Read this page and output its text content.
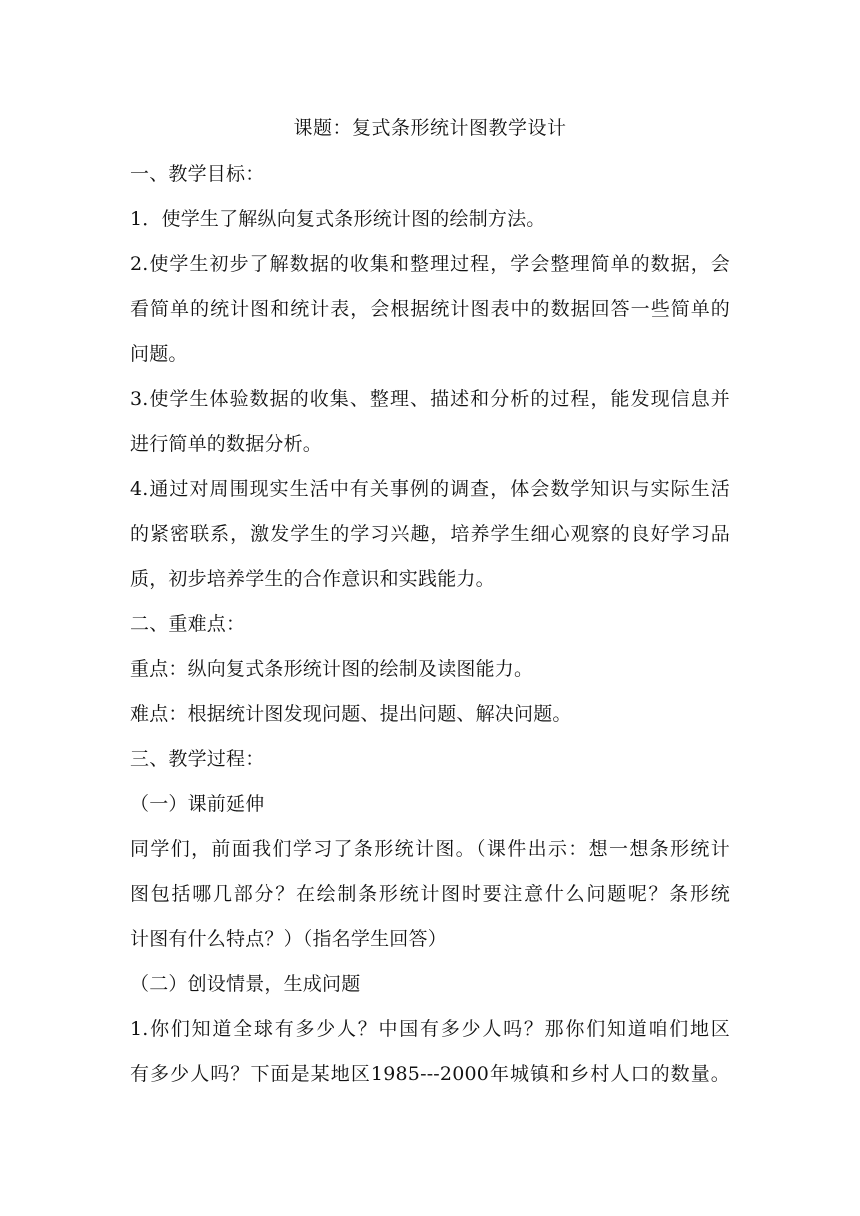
课题：复式条形统计图教学设计
一、教学目标：
1．使学生了解纵向复式条形统计图的绘制方法。
2.使学生初步了解数据的收集和整理过程，学会整理简单的数据，会
看简单的统计图和统计表，会根据统计图表中的数据回答一些简单的
问题。
3.使学生体验数据的收集、整理、描述和分析的过程，能发现信息并
进行简单的数据分析。
4.通过对周围现实生活中有关事例的调查，体会数学知识与实际生活
的紧密联系，激发学生的学习兴趣，培养学生细心观察的良好学习品
质，初步培养学生的合作意识和实践能力。
二、重难点：
重点：纵向复式条形统计图的绘制及读图能力。
难点：根据统计图发现问题、提出问题、解决问题。
三、教学过程：
（一）课前延伸
同学们，前面我们学习了条形统计图。（课件出示：想一想条形统计
图包括哪几部分？在绘制条形统计图时要注意什么问题呢？条形统
计图有什么特点？）（指名学生回答）
（二）创设情景，生成问题
1.你们知道全球有多少人？中国有多少人吗？那你们知道咱们地区
有多少人吗？下面是某地区1985---2000年城镇和乡村人口的数量。
